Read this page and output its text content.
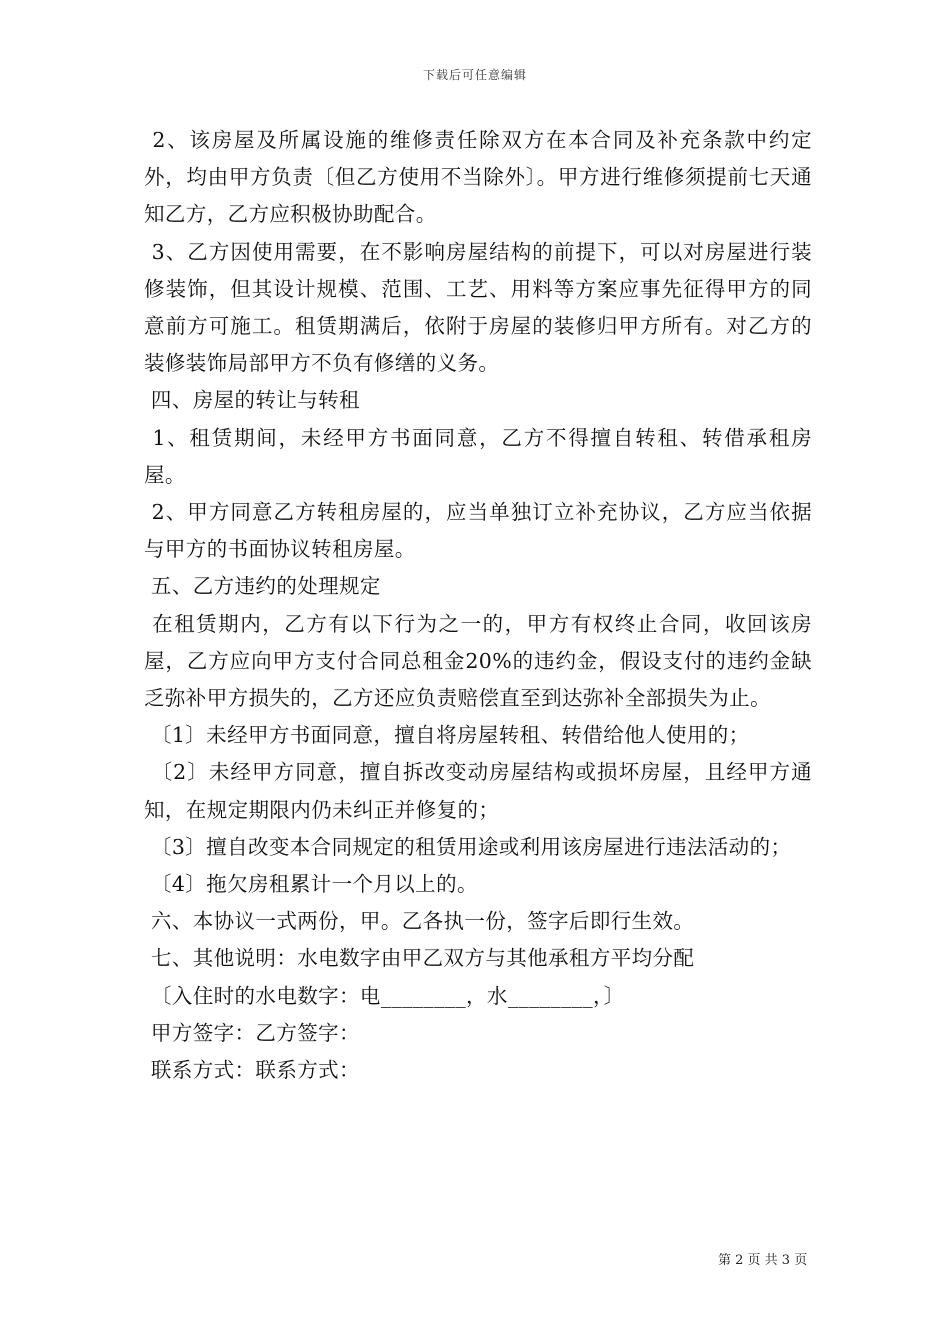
下载后可任意编辑

2、该房屋及所属设施的维修责任除双方在本合同及补充条款中约定外，均由甲方负责〔但乙方使用不当除外〕。甲方进行维修须提前七天通知乙方，乙方应积极协助配合。

3、乙方因使用需要，在不影响房屋结构的前提下，可以对房屋进行装修装饰，但其设计规模、范围、工艺、用料等方案应事先征得甲方的同意前方可施工。租赁期满后，依附于房屋的装修归甲方所有。对乙方的装修装饰局部甲方不负有修缮的义务。

四、房屋的转让与转租

1、租赁期间，未经甲方书面同意，乙方不得擅自转租、转借承租房屋。

2、甲方同意乙方转租房屋的，应当单独订立补充协议，乙方应当依据与甲方的书面协议转租房屋。

五、乙方违约的处理规定

在租赁期内，乙方有以下行为之一的，甲方有权终止合同，收回该房屋，乙方应向甲方支付合同总租金20%的违约金，假设支付的违约金缺乏弥补甲方损失的，乙方还应负责赔偿直至到达弥补全部损失为止。

〔1〕未经甲方书面同意，擅自将房屋转租、转借给他人使用的；

〔2〕未经甲方同意，擅自拆改变动房屋结构或损坏房屋，且经甲方通知，在规定期限内仍未纠正并修复的；

〔3〕擅自改变本合同规定的租赁用途或利用该房屋进行违法活动的；

〔4〕拖欠房租累计一个月以上的。

六、本协议一式两份，甲。乙各执一份，签字后即行生效。

七、其他说明：水电数字由甲乙双方与其他承租方平均分配

〔入住时的水电数字：电________，水________，〕

甲方签字：乙方签字：

联系方式：联系方式：

第 2 页 共 3 页
